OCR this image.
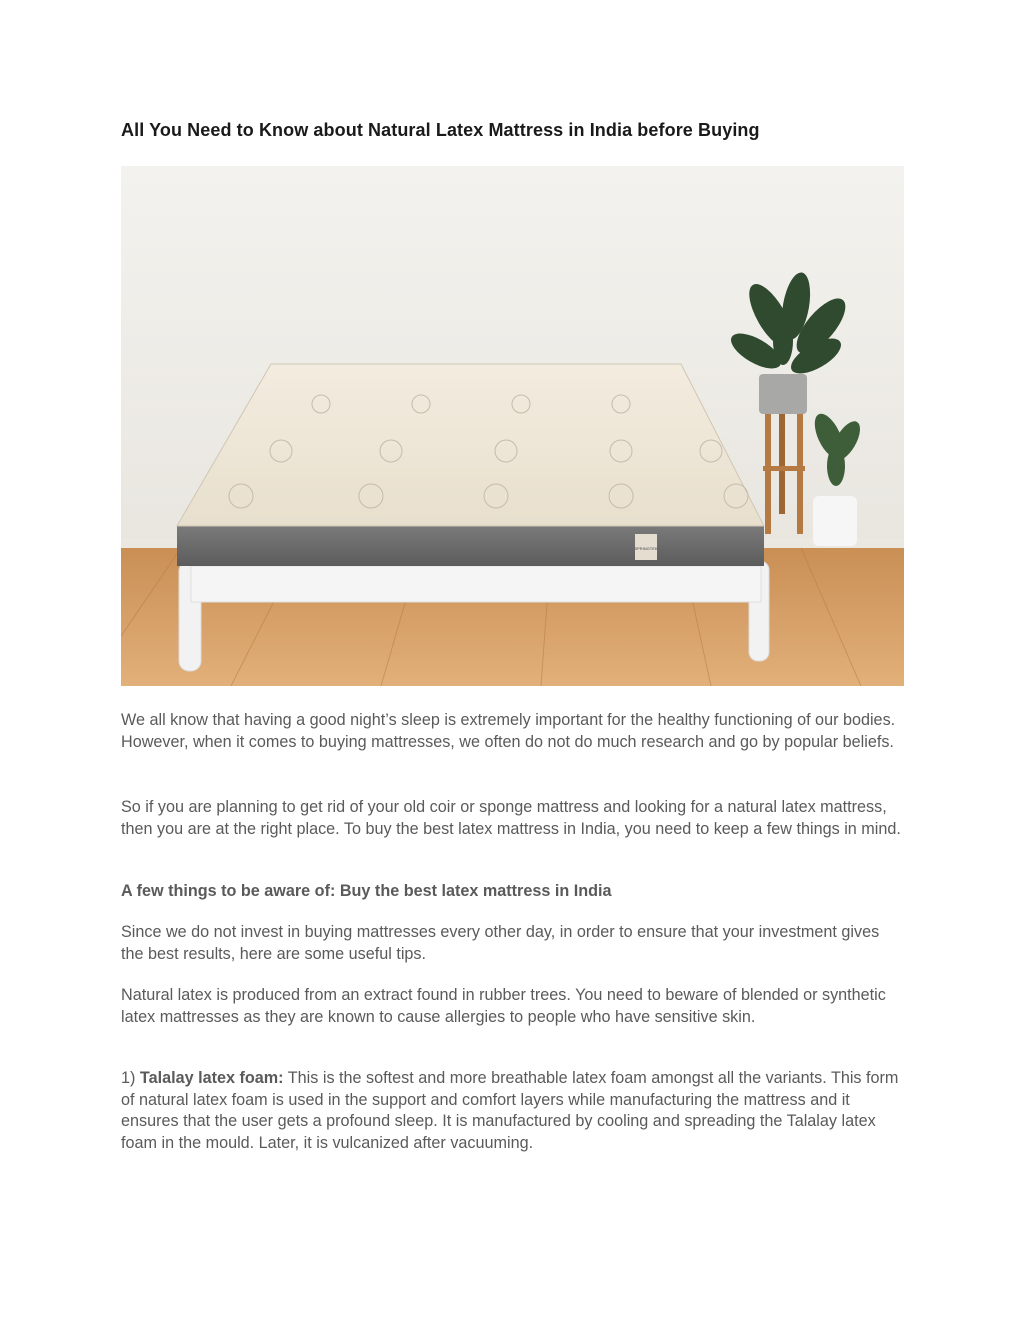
All You Need to Know about Natural Latex Mattress in India before Buying
SPRINGTEK

We all know that having a good night’s sleep is extremely important for the healthy functioning of our bodies. However, when it comes to buying mattresses, we often do not do much research and go by popular beliefs.

So if you are planning to get rid of your old coir or sponge mattress and looking for a natural latex mattress, then you are at the right place. To buy the best latex mattress in India, you need to keep a few things in mind.

A few things to be aware of: Buy the best latex mattress in India

Since we do not invest in buying mattresses every other day, in order to ensure that your investment gives the best results, here are some useful tips.

Natural latex is produced from an extract found in rubber trees. You need to beware of blended or synthetic latex mattresses as they are known to cause allergies to people who have sensitive skin.

1) Talalay latex foam: This is the softest and more breathable latex foam amongst all the variants. This form of natural latex foam is used in the support and comfort layers while manufacturing the mattress and it ensures that the user gets a profound sleep. It is manufactured by cooling and spreading the Talalay latex foam in the mould. Later, it is vulcanized after vacuuming.
